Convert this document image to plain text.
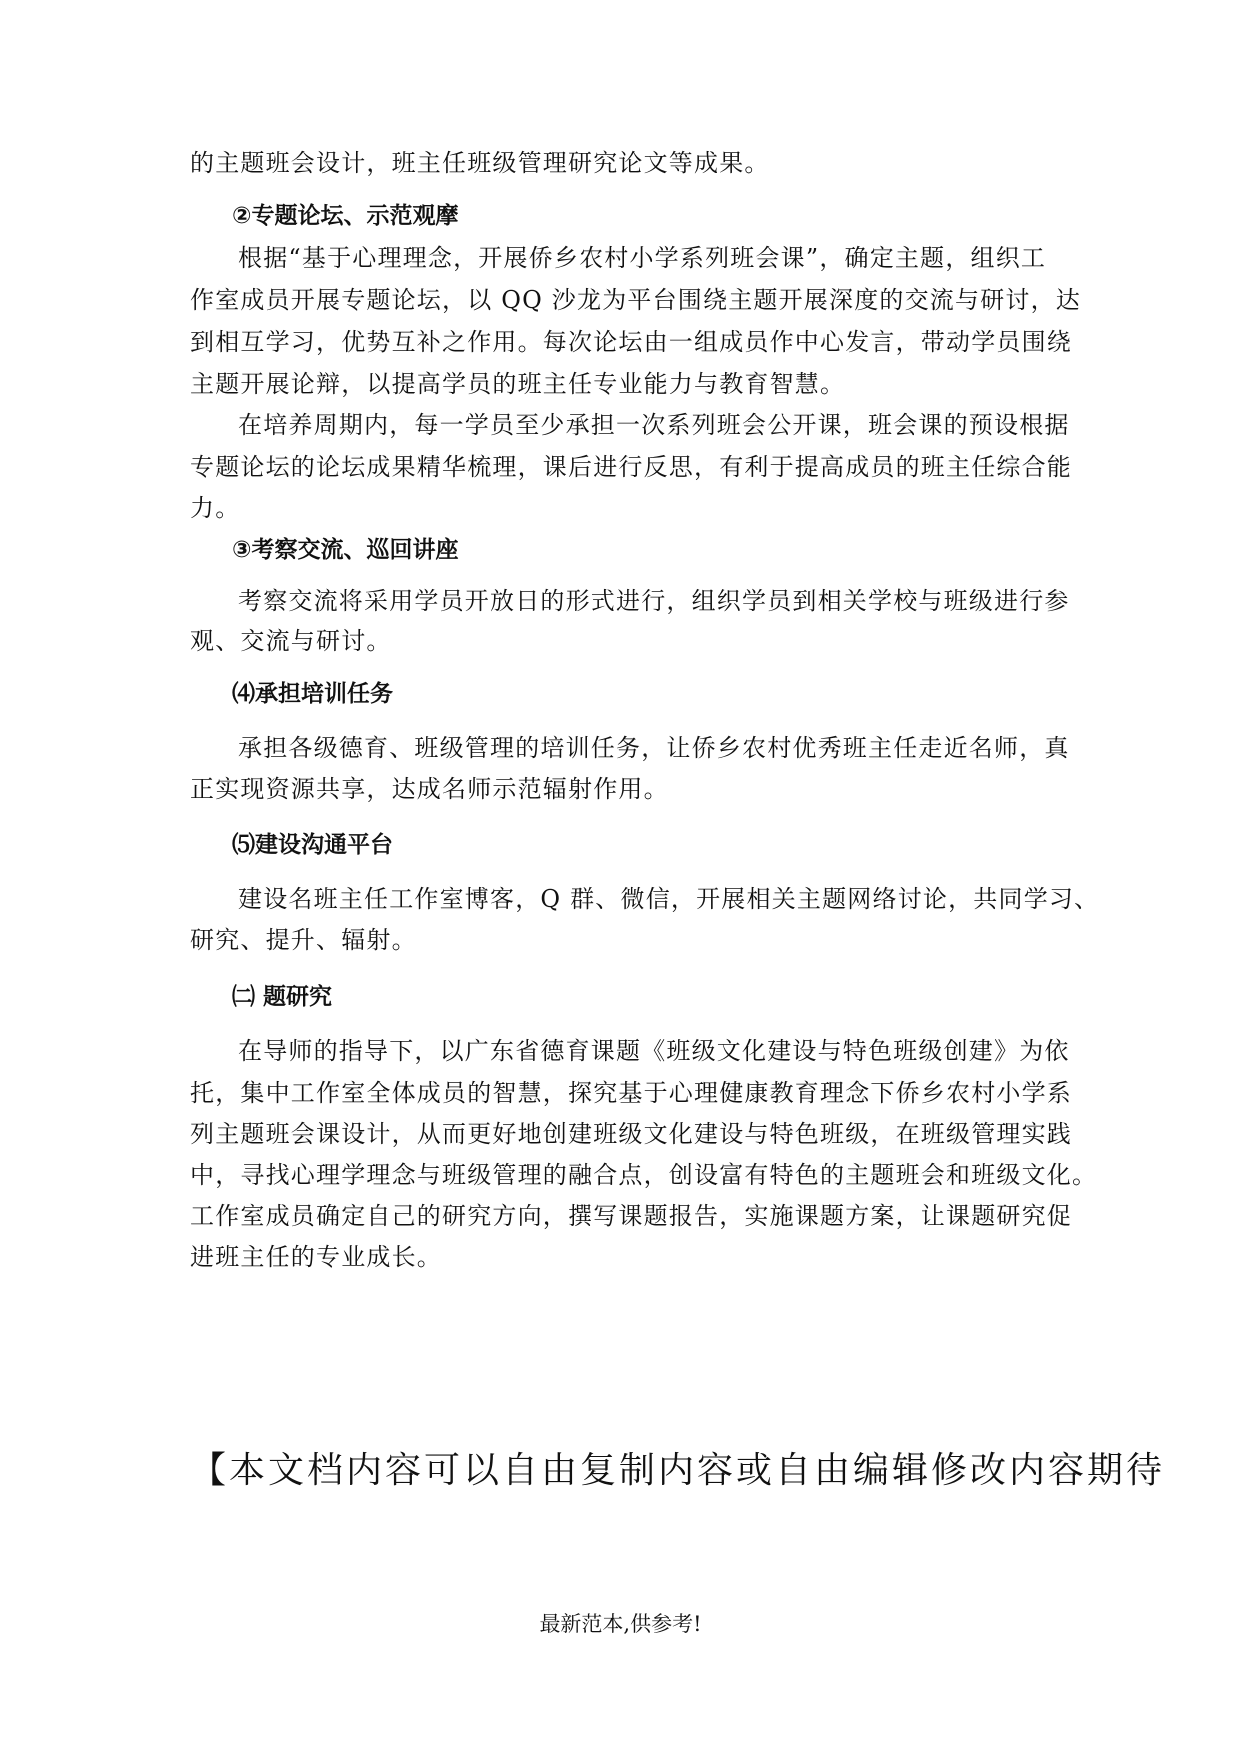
的主题班会设计，班主任班级管理研究论文等成果。
②专题论坛、示范观摩
根据“基于心理理念，开展侨乡农村小学系列班会课”，确定主题，组织工
作室成员开展专题论坛，以 QQ 沙龙为平台围绕主题开展深度的交流与研讨，达
到相互学习，优势互补之作用。每次论坛由一组成员作中心发言，带动学员围绕
主题开展论辩，以提高学员的班主任专业能力与教育智慧。
在培养周期内，每一学员至少承担一次系列班会公开课，班会课的预设根据
专题论坛的论坛成果精华梳理，课后进行反思，有利于提高成员的班主任综合能
力。
③考察交流、巡回讲座
考察交流将采用学员开放日的形式进行，组织学员到相关学校与班级进行参
观、交流与研讨。
⑷承担培训任务
承担各级德育、班级管理的培训任务，让侨乡农村优秀班主任走近名师，真
正实现资源共享，达成名师示范辐射作用。
⑸建设沟通平台
建设名班主任工作室博客，Q 群、微信，开展相关主题网络讨论，共同学习、
研究、提升、辐射。
㈡ 题研究
在导师的指导下，以广东省德育课题《班级文化建设与特色班级创建》为依
托，集中工作室全体成员的智慧，探究基于心理健康教育理念下侨乡农村小学系
列主题班会课设计，从而更好地创建班级文化建设与特色班级，在班级管理实践
中，寻找心理学理念与班级管理的融合点，创设富有特色的主题班会和班级文化。
工作室成员确定自己的研究方向，撰写课题报告，实施课题方案，让课题研究促
进班主任的专业成长。
【本文档内容可以自由复制内容或自由编辑修改内容期待
最新范本,供参考!
